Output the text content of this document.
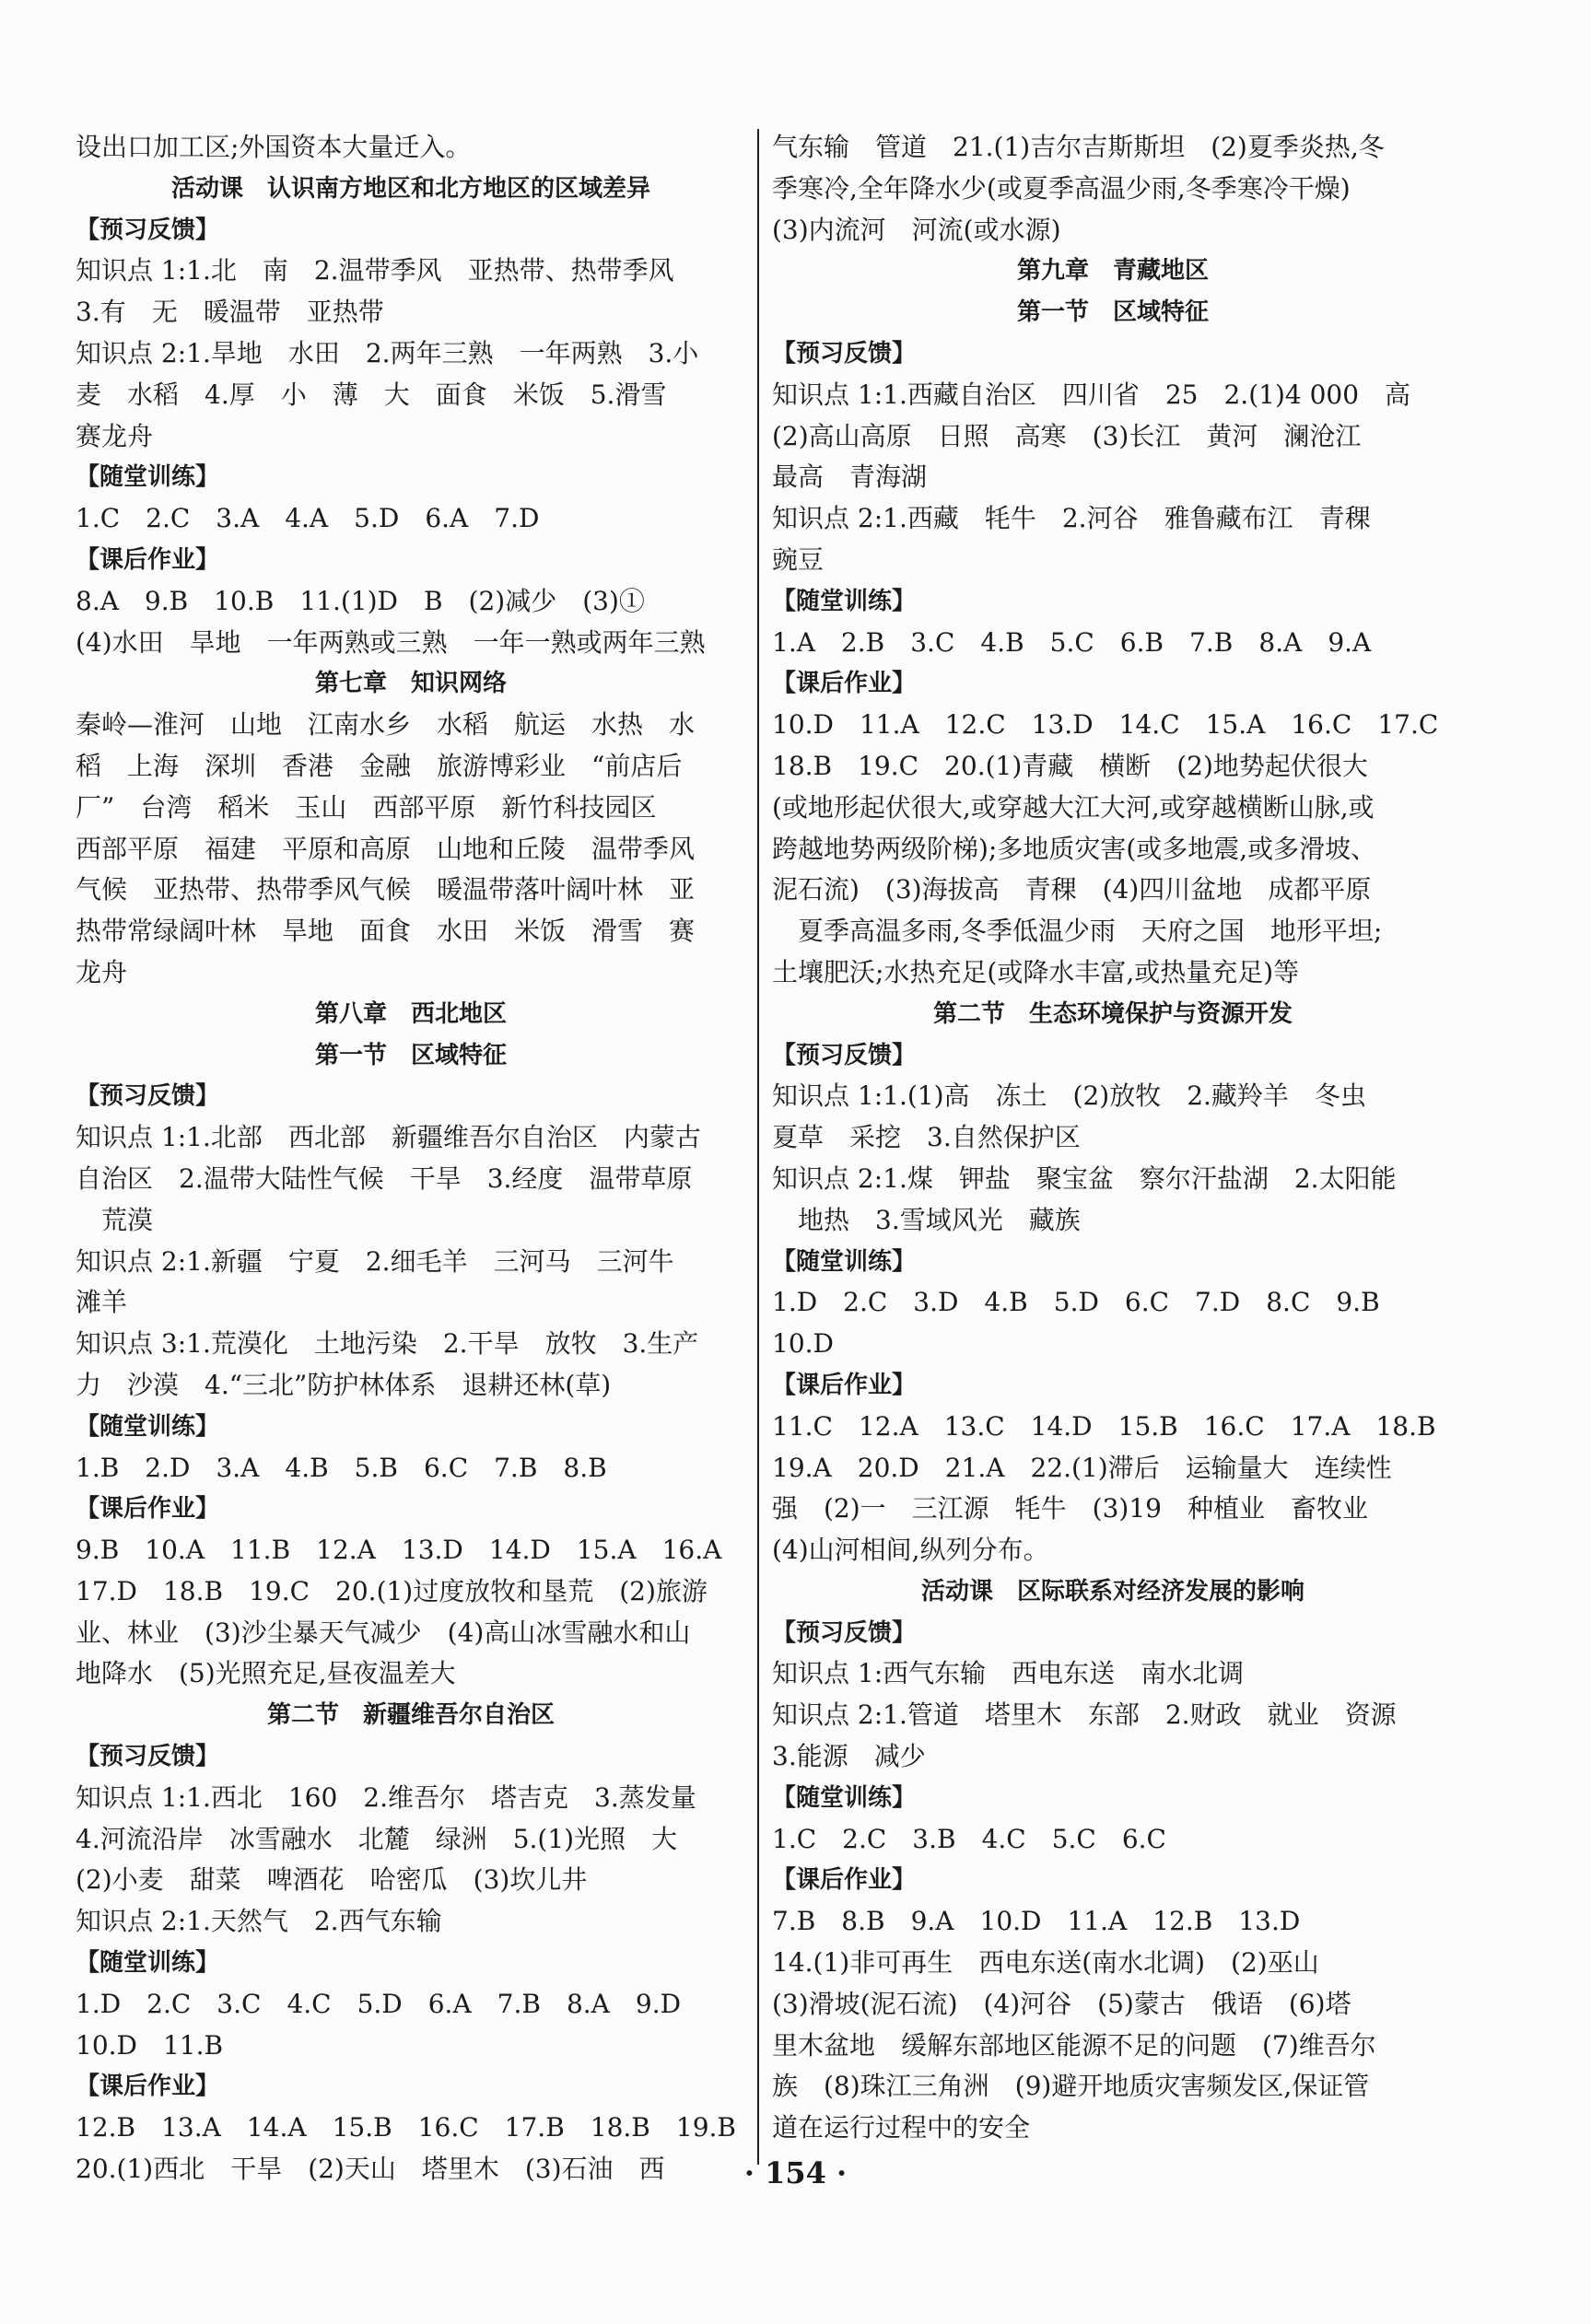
设出口加工区;外国资本大量迁入。
活动课　认识南方地区和北方地区的区域差异
【预习反馈】
知识点 1:1.北　南　2.温带季风　亚热带、热带季风
3.有　无　暖温带　亚热带
知识点 2:1.旱地　水田　2.两年三熟　一年两熟　3.小
麦　水稻　4.厚　小　薄　大　面食　米饭　5.滑雪
赛龙舟
【随堂训练】
1.C　2.C　3.A　4.A　5.D　6.A　7.D
【课后作业】
8.A　9.B　10.B　11.(1)D　B　(2)减少　(3)①
(4)水田　旱地　一年两熟或三熟　一年一熟或两年三熟
第七章　知识网络
秦岭—淮河　山地　江南水乡　水稻　航运　水热　水
稻　上海　深圳　香港　金融　旅游博彩业　“前店后
厂”　台湾　稻米　玉山　西部平原　新竹科技园区
西部平原　福建　平原和高原　山地和丘陵　温带季风
气候　亚热带、热带季风气候　暖温带落叶阔叶林　亚
热带常绿阔叶林　旱地　面食　水田　米饭　滑雪　赛
龙舟
第八章　西北地区
第一节　区域特征
【预习反馈】
知识点 1:1.北部　西北部　新疆维吾尔自治区　内蒙古
自治区　2.温带大陆性气候　干旱　3.经度　温带草原
　荒漠
知识点 2:1.新疆　宁夏　2.细毛羊　三河马　三河牛
滩羊
知识点 3:1.荒漠化　土地污染　2.干旱　放牧　3.生产
力　沙漠　4.“三北”防护林体系　退耕还林(草)
【随堂训练】
1.B　2.D　3.A　4.B　5.B　6.C　7.B　8.B
【课后作业】
9.B　10.A　11.B　12.A　13.D　14.D　15.A　16.A
17.D　18.B　19.C　20.(1)过度放牧和垦荒　(2)旅游
业、林业　(3)沙尘暴天气减少　(4)高山冰雪融水和山
地降水　(5)光照充足,昼夜温差大
第二节　新疆维吾尔自治区
【预习反馈】
知识点 1:1.西北　160　2.维吾尔　塔吉克　3.蒸发量
4.河流沿岸　冰雪融水　北麓　绿洲　5.(1)光照　大
(2)小麦　甜菜　啤酒花　哈密瓜　(3)坎儿井
知识点 2:1.天然气　2.西气东输
【随堂训练】
1.D　2.C　3.C　4.C　5.D　6.A　7.B　8.A　9.D
10.D　11.B
【课后作业】
12.B　13.A　14.A　15.B　16.C　17.B　18.B　19.B
20.(1)西北　干旱　(2)天山　塔里木　(3)石油　西
气东输　管道　21.(1)吉尔吉斯斯坦　(2)夏季炎热,冬
季寒冷,全年降水少(或夏季高温少雨,冬季寒冷干燥)
(3)内流河　河流(或水源)
第九章　青藏地区
第一节　区域特征
【预习反馈】
知识点 1:1.西藏自治区　四川省　25　2.(1)4 000　高
(2)高山高原　日照　高寒　(3)长江　黄河　澜沧江
最高　青海湖
知识点 2:1.西藏　牦牛　2.河谷　雅鲁藏布江　青稞
豌豆
【随堂训练】
1.A　2.B　3.C　4.B　5.C　6.B　7.B　8.A　9.A
【课后作业】
10.D　11.A　12.C　13.D　14.C　15.A　16.C　17.C
18.B　19.C　20.(1)青藏　横断　(2)地势起伏很大
(或地形起伏很大,或穿越大江大河,或穿越横断山脉,或
跨越地势两级阶梯);多地质灾害(或多地震,或多滑坡、
泥石流)　(3)海拔高　青稞　(4)四川盆地　成都平原
　夏季高温多雨,冬季低温少雨　天府之国　地形平坦;
土壤肥沃;水热充足(或降水丰富,或热量充足)等
第二节　生态环境保护与资源开发
【预习反馈】
知识点 1:1.(1)高　冻土　(2)放牧　2.藏羚羊　冬虫
夏草　采挖　3.自然保护区
知识点 2:1.煤　钾盐　聚宝盆　察尔汗盐湖　2.太阳能
　地热　3.雪域风光　藏族
【随堂训练】
1.D　2.C　3.D　4.B　5.D　6.C　7.D　8.C　9.B
10.D
【课后作业】
11.C　12.A　13.C　14.D　15.B　16.C　17.A　18.B
19.A　20.D　21.A　22.(1)滞后　运输量大　连续性
强　(2)一　三江源　牦牛　(3)19　种植业　畜牧业
(4)山河相间,纵列分布。
活动课　区际联系对经济发展的影响
【预习反馈】
知识点 1:西气东输　西电东送　南水北调
知识点 2:1.管道　塔里木　东部　2.财政　就业　资源
3.能源　减少
【随堂训练】
1.C　2.C　3.B　4.C　5.C　6.C
【课后作业】
7.B　8.B　9.A　10.D　11.A　12.B　13.D
14.(1)非可再生　西电东送(南水北调)　(2)巫山
(3)滑坡(泥石流)　(4)河谷　(5)蒙古　俄语　(6)塔
里木盆地　缓解东部地区能源不足的问题　(7)维吾尔
族　(8)珠江三角洲　(9)避开地质灾害频发区,保证管
道在运行过程中的安全
· 154 ·
